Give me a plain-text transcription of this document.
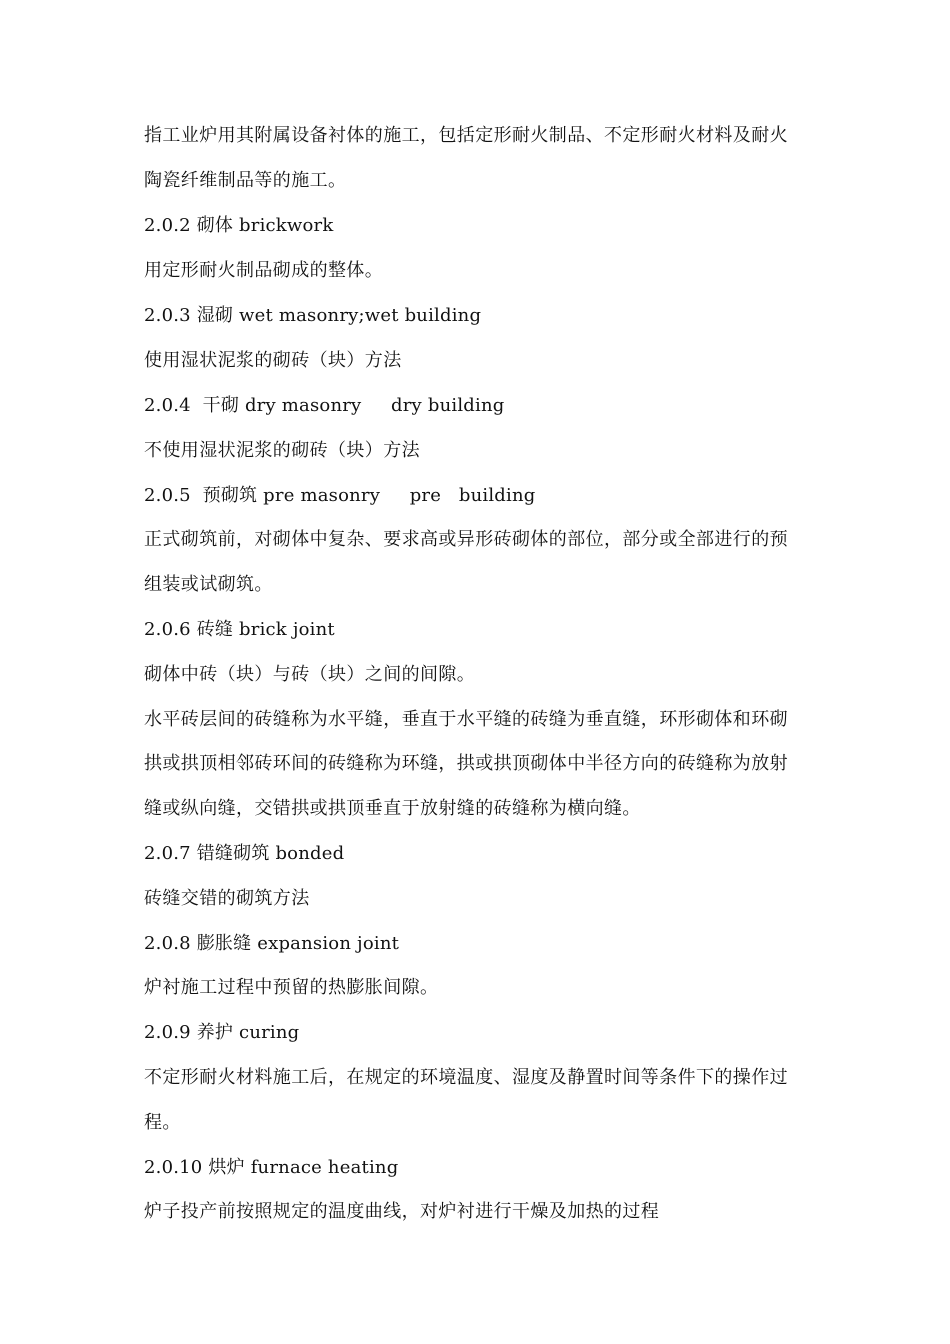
指工业炉用其附属设备衬体的施工，包括定形耐火制品、不定形耐火材料及耐火
陶瓷纤维制品等的施工。
2.0.2 砌体 brickwork
用定形耐火制品砌成的整体。
2.0.3 湿砌 wet masonry;wet building
使用湿状泥浆的砌砖（块）方法
2.0.4  干砌 dry masonry     dry building
不使用湿状泥浆的砌砖（块）方法
2.0.5  预砌筑 pre masonry     pre   building
正式砌筑前，对砌体中复杂、要求高或异形砖砌体的部位，部分或全部进行的预
组装或试砌筑。
2.0.6 砖缝 brick joint
砌体中砖（块）与砖（块）之间的间隙。
水平砖层间的砖缝称为水平缝，垂直于水平缝的砖缝为垂直缝，环形砌体和环砌
拱或拱顶相邻砖环间的砖缝称为环缝，拱或拱顶砌体中半径方向的砖缝称为放射
缝或纵向缝，交错拱或拱顶垂直于放射缝的砖缝称为横向缝。
2.0.7 错缝砌筑 bonded
砖缝交错的砌筑方法
2.0.8 膨胀缝 expansion joint
炉衬施工过程中预留的热膨胀间隙。
2.0.9 养护 curing
不定形耐火材料施工后，在规定的环境温度、湿度及静置时间等条件下的操作过
程。
2.0.10 烘炉 furnace heating
炉子投产前按照规定的温度曲线，对炉衬进行干燥及加热的过程
